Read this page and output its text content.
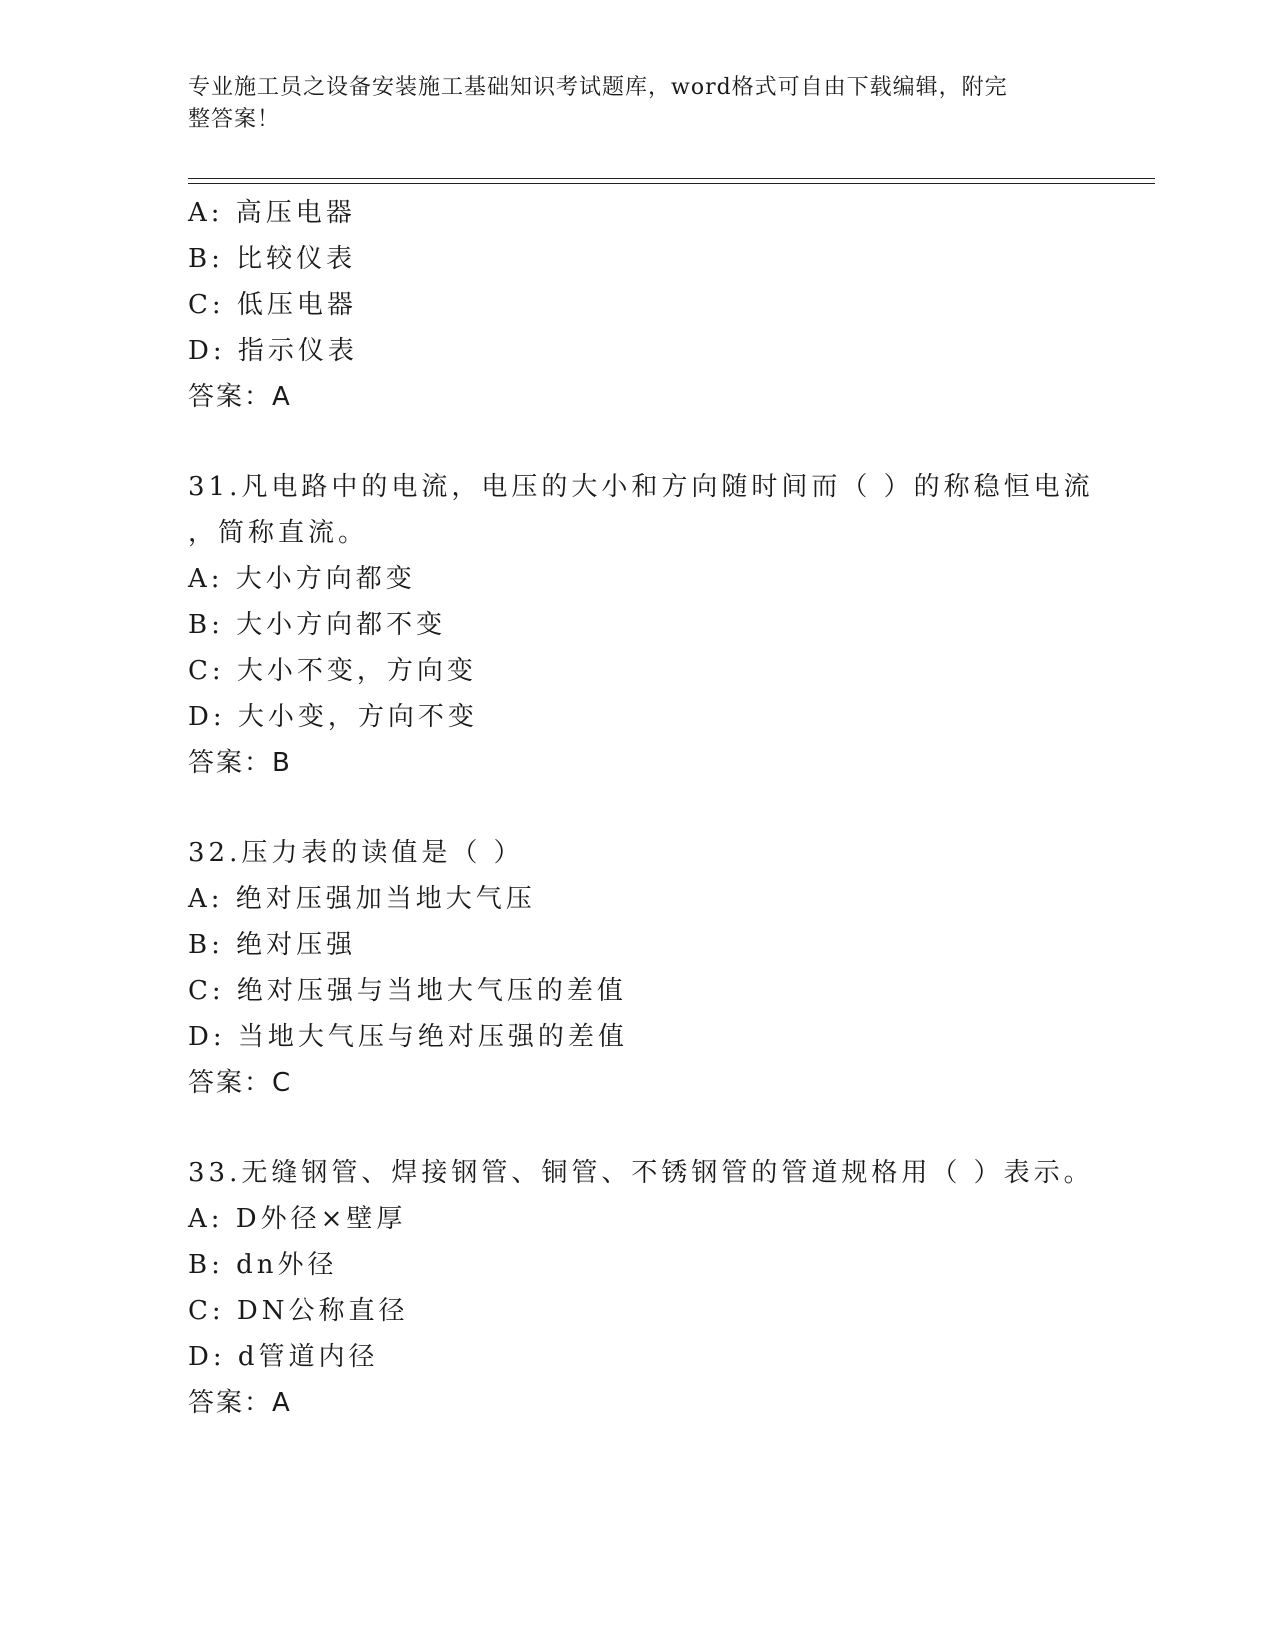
专业施工员之设备安装施工基础知识考试题库，word格式可自由下载编辑，附完
整答案！
A: 高压电器
B: 比较仪表
C: 低压电器
D: 指示仪表
答案：A
31.凡电路中的电流，电压的大小和方向随时间而（ ）的称稳恒电流
，简称直流。
A: 大小方向都变
B: 大小方向都不变
C: 大小不变，方向变
D: 大小变，方向不变
答案：B
32.压力表的读值是（ ）
A: 绝对压强加当地大气压
B: 绝对压强
C: 绝对压强与当地大气压的差值
D: 当地大气压与绝对压强的差值
答案：C
33.无缝钢管、焊接钢管、铜管、不锈钢管的管道规格用（ ）表示。
A: D外径×壁厚
B: dn外径
C: DN公称直径
D: d管道内径
答案：A
